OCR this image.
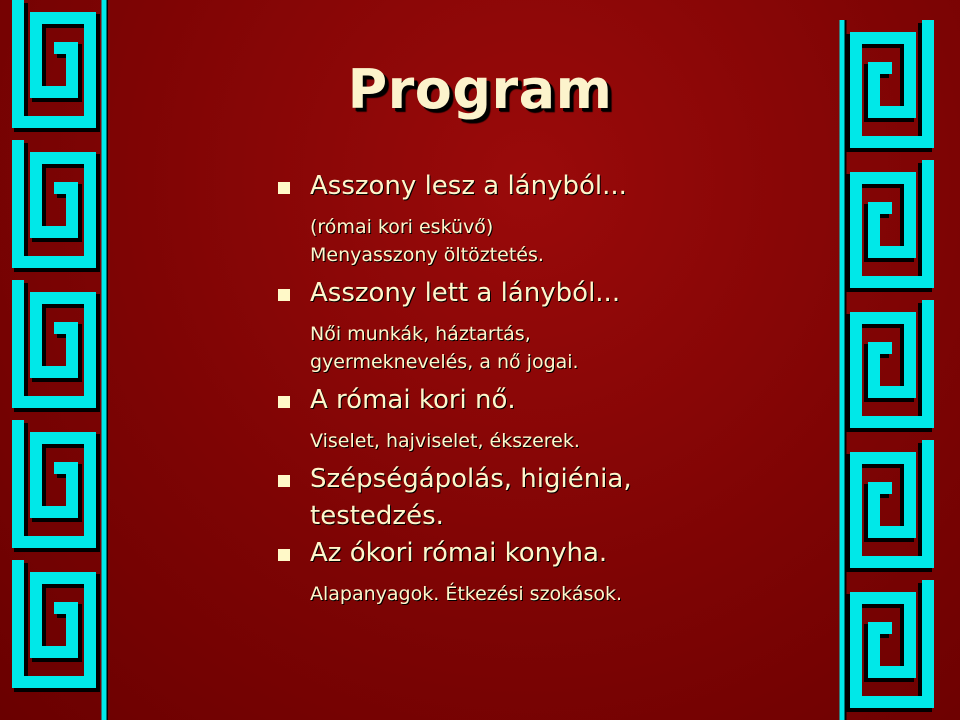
Program
Asszony lesz a lányból...
(római kori esküvő)
Menyasszony öltöztetés.
Asszony lett a lányból...
Női munkák, háztartás,
gyermeknevelés, a nő jogai.
A római kori nő.
Viselet, hajviselet, ékszerek.
Szépségápolás, higiénia,
testedzés.
Az ókori római konyha.
Alapanyagok. Étkezési szokások.
